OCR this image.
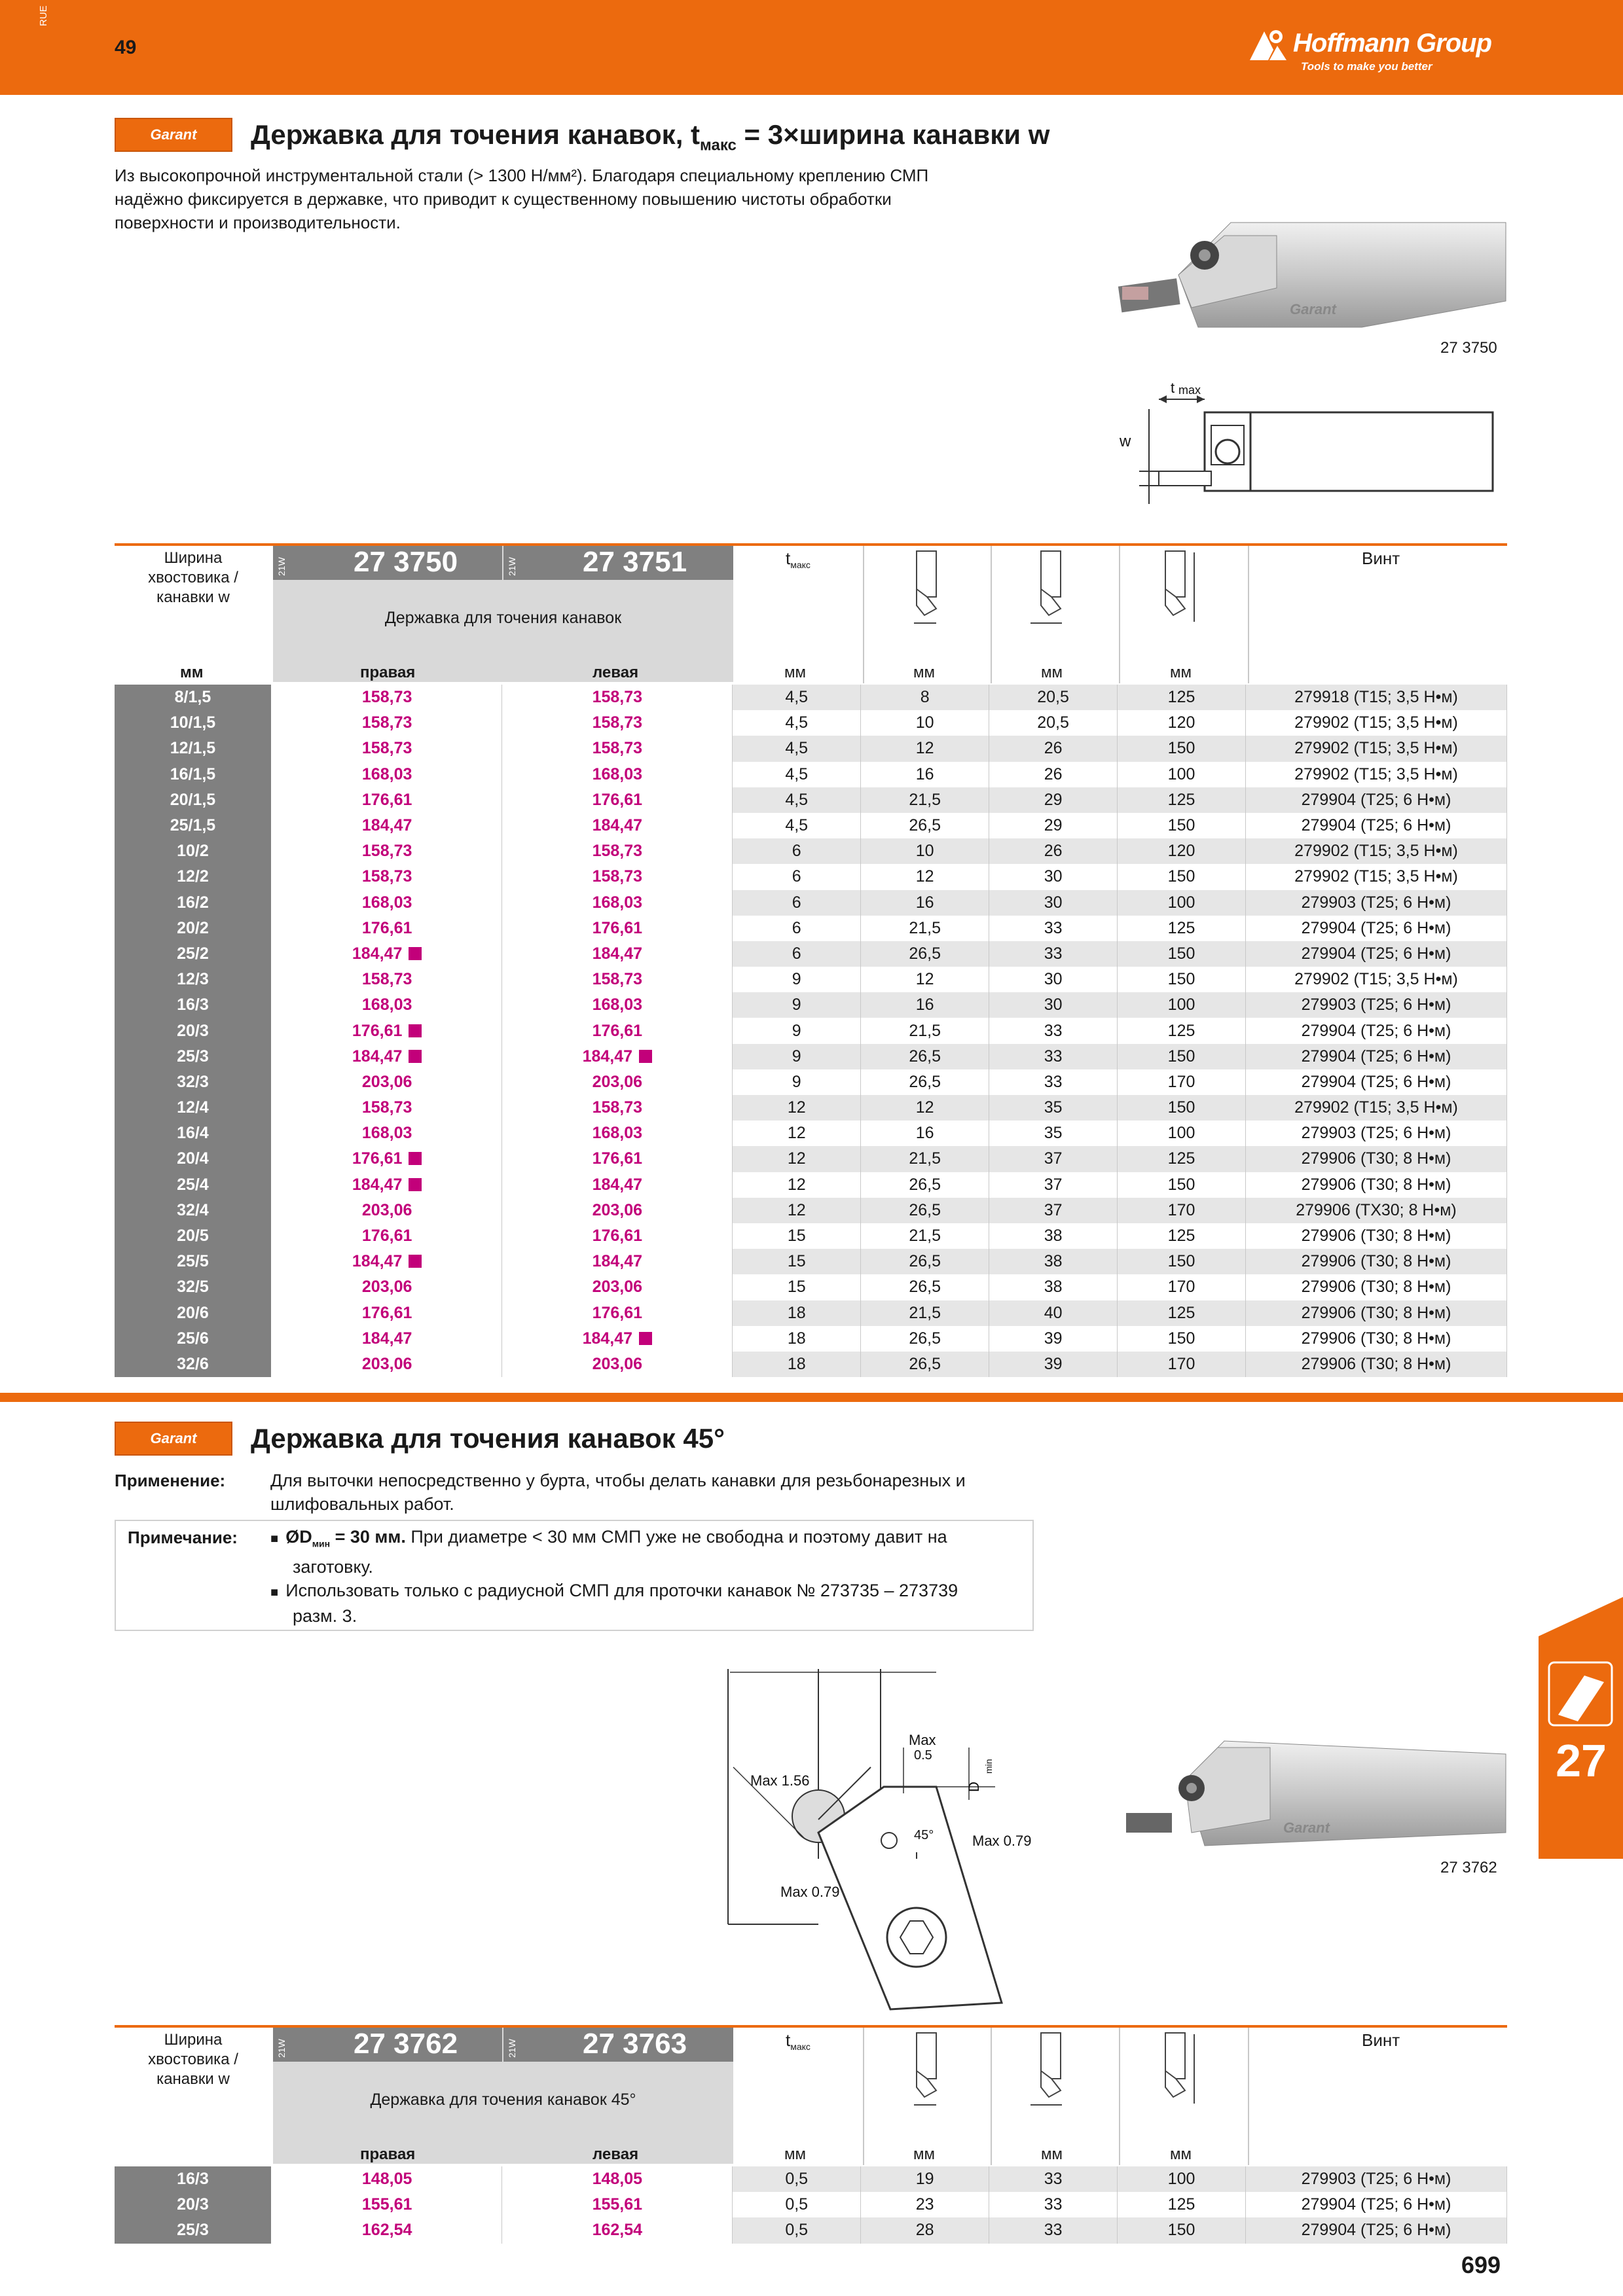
RUE
49	Hoffmann Group
Tools to make you better
Garant Державка для точения канавок, $t_{макс}$ = 3×ширина канавки w
Из высокопрочной инструментальной стали (> 1300 Н/мм²). Благодаря специальному креплению СМП
надёжно фиксируется в державке, что приводит к существенному повышению чистоты обработки
поверхности и производительности.
Garant
27 3750
t max
w
Ширина
хвостовика /
канавки w
21W 27 3750	21W 27 3751
Державка для точения канавок
$t_{макс}$	Винт
мм	правая	левая	мм	мм	мм	мм
8/1,5	158,73	158,73	4,5	8	20,5	125	279918 (T15; 3,5 Н•м)
10/1,5	158,73	158,73	4,5	10	20,5	120	279902 (T15; 3,5 Н•м)
12/1,5	158,73	158,73	4,5	12	26	150	279902 (T15; 3,5 Н•м)
16/1,5	168,03	168,03	4,5	16	26	100	279902 (T15; 3,5 Н•м)
20/1,5	176,61	176,61	4,5	21,5	29	125	279904 (T25; 6 Н•м)
25/1,5	184,47	184,47	4,5	26,5	29	150	279904 (T25; 6 Н•м)
10/2	158,73	158,73	6	10	26	120	279902 (T15; 3,5 Н•м)
12/2	158,73	158,73	6	12	30	150	279902 (T15; 3,5 Н•м)
16/2	168,03	168,03	6	16	30	100	279903 (T25; 6 Н•м)
20/2	176,61	176,61	6	21,5	33	125	279904 (T25; 6 Н•м)
25/2	184,47	184,47	6	26,5	33	150	279904 (T25; 6 Н•м)
12/3	158,73	158,73	9	12	30	150	279902 (T15; 3,5 Н•м)
16/3	168,03	168,03	9	16	30	100	279903 (T25; 6 Н•м)
20/3	176,61	176,61	9	21,5	33	125	279904 (T25; 6 Н•м)
25/3	184,47	184,47	9	26,5	33	150	279904 (T25; 6 Н•м)
32/3	203,06	203,06	9	26,5	33	170	279904 (T25; 6 Н•м)
12/4	158,73	158,73	12	12	35	150	279902 (T15; 3,5 Н•м)
16/4	168,03	168,03	12	16	35	100	279903 (T25; 6 Н•м)
20/4	176,61	176,61	12	21,5	37	125	279906 (T30; 8 Н•м)
25/4	184,47	184,47	12	26,5	37	150	279906 (T30; 8 Н•м)
32/4	203,06	203,06	12	26,5	37	170	279906 (TX30; 8 Н•м)
20/5	176,61	176,61	15	21,5	38	125	279906 (T30; 8 Н•м)
25/5	184,47	184,47	15	26,5	38	150	279906 (T30; 8 Н•м)
32/5	203,06	203,06	15	26,5	38	170	279906 (T30; 8 Н•м)
20/6	176,61	176,61	18	21,5	40	125	279906 (T30; 8 Н•м)
25/6	184,47	184,47	18	26,5	39	150	279906 (T30; 8 Н•м)
32/6	203,06	203,06	18	26,5	39	170	279906 (T30; 8 Н•м)
Garant Державка для точения канавок 45°
Применение:	Для выточки непосредственно у бурта, чтобы делать канавки для резьбонарезных и
шлифовальных работ.
Примечание:	■  $ØD_{мин} = 30$ мм. При диаметре < 30 мм СМП уже не свободна и поэтому давит на
заготовку.
■  Использовать только с радиусной СМП для проточки канавок № 273735 – 273739
разм. 3.
Max 1.56
Max
0.5
D
min
45°	Max 0.79
Max 0.79
Garant
27 3762
27
Ширина
хвостовика /
канавки w
21W 27 3762	21W 27 3763
Державка для точения канавок 45°
$t_{макс}$	Винт
правая	левая	мм	мм	мм	мм
16/3	148,05	148,05	0,5	19	33	100	279903 (T25; 6 Н•м)
20/3	155,61	155,61	0,5	23	33	125	279904 (T25; 6 Н•м)
25/3	162,54	162,54	0,5	28	33	150	279904 (T25; 6 Н•м)
699
